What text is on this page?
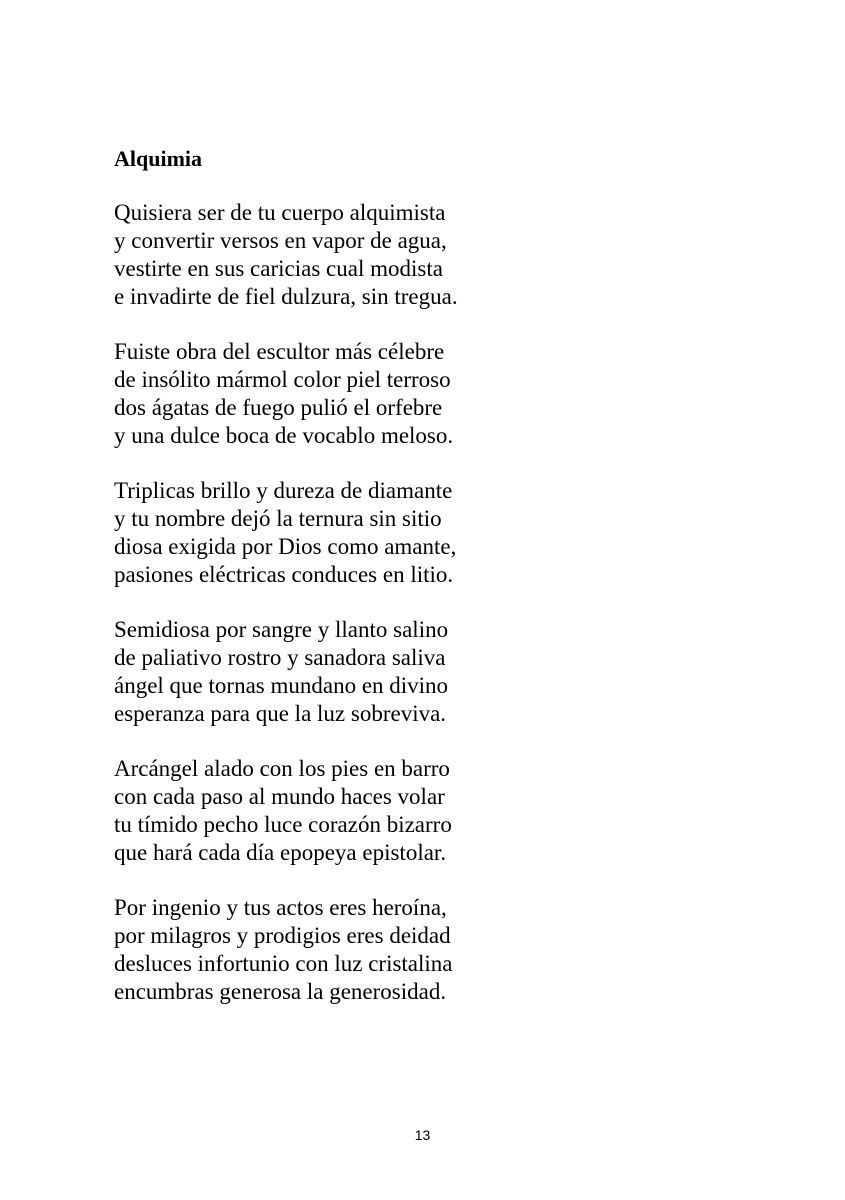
Alquimia
Quisiera ser de tu cuerpo alquimista
y convertir versos en vapor de agua,
vestirte en sus caricias cual modista
e invadirte de fiel dulzura, sin tregua.
Fuiste obra del escultor más célebre
de insólito mármol color piel terroso
dos ágatas de fuego pulió el orfebre
y una dulce boca de vocablo meloso.
Triplicas brillo y dureza de diamante
y tu nombre dejó la ternura sin sitio
diosa exigida por Dios como amante,
pasiones eléctricas conduces en litio.
Semidiosa por sangre y llanto salino
de paliativo rostro y sanadora saliva
ángel que tornas mundano en divino
esperanza para que la luz sobreviva.
Arcángel alado con los pies en barro
con cada paso al mundo haces volar
tu tímido pecho luce corazón bizarro
que hará cada día epopeya epistolar.
Por ingenio y tus actos eres heroína,
por milagros y prodigios eres deidad
desluces infortunio con luz cristalina
encumbras generosa la generosidad.
13
